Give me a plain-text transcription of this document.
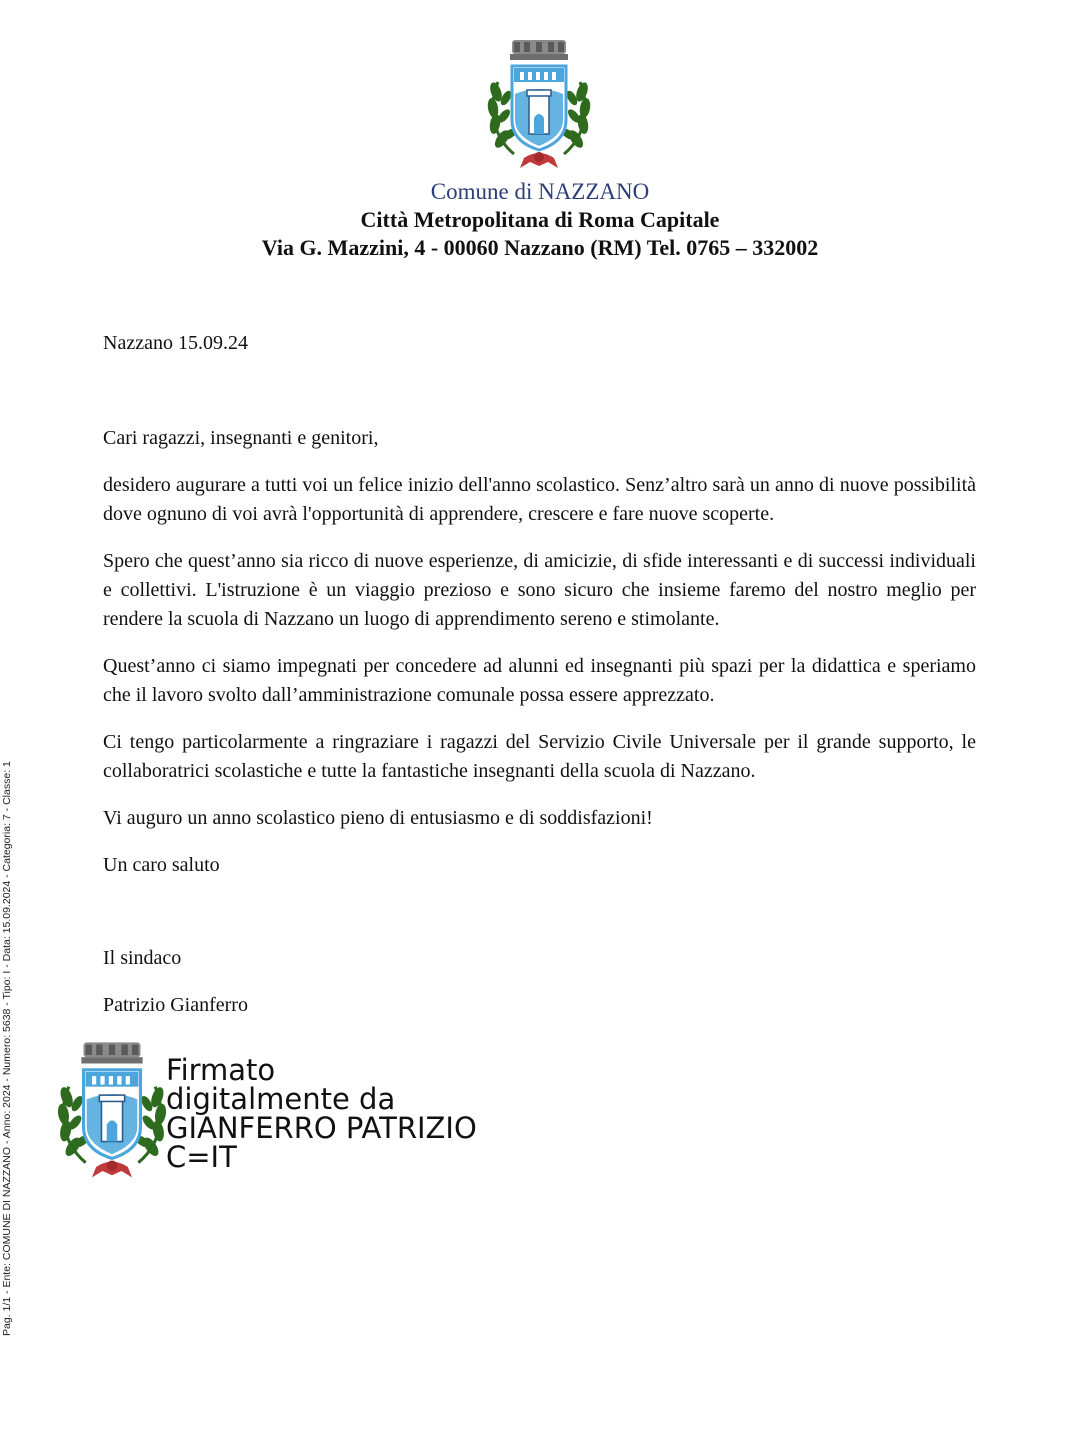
Comune di NAZZANO
Città Metropolitana di Roma Capitale
Via G. Mazzini, 4 - 00060 Nazzano (RM) Tel. 0765 – 332002
Nazzano 15.09.24

Cari ragazzi, insegnanti e genitori,

desidero augurare a tutti voi un felice inizio dell'anno scolastico. Senz’altro sarà un anno di nuove possibilità dove ognuno di voi avrà l'opportunità di apprendere, crescere e fare nuove scoperte.

Spero che quest’anno sia ricco di nuove esperienze, di amicizie, di sfide interessanti e di successi individuali e collettivi. L'istruzione è un viaggio prezioso e sono sicuro che insieme faremo del nostro meglio per rendere la scuola di Nazzano un luogo di apprendimento sereno e stimolante.

Quest’anno ci siamo impegnati per concedere ad alunni ed insegnanti più spazi per la didattica e speriamo che il lavoro svolto dall’amministrazione comunale possa essere apprezzato.

Ci tengo particolarmente a ringraziare i ragazzi del Servizio Civile Universale per il grande supporto, le collaboratrici scolastiche e tutte la fantastiche insegnanti della scuola di Nazzano.

Vi auguro un anno scolastico pieno di entusiasmo e di soddisfazioni!

Un caro saluto

Il sindaco
Patrizio Gianferro
Firmato
digitalmente da
GIANFERRO PATRIZIO
C=IT
Pag. 1/1 - Ente: COMUNE DI NAZZANO - Anno: 2024 - Numero: 5638 - Tipo: I - Data: 15.09.2024 - Categoria: 7 - Classe: 1
